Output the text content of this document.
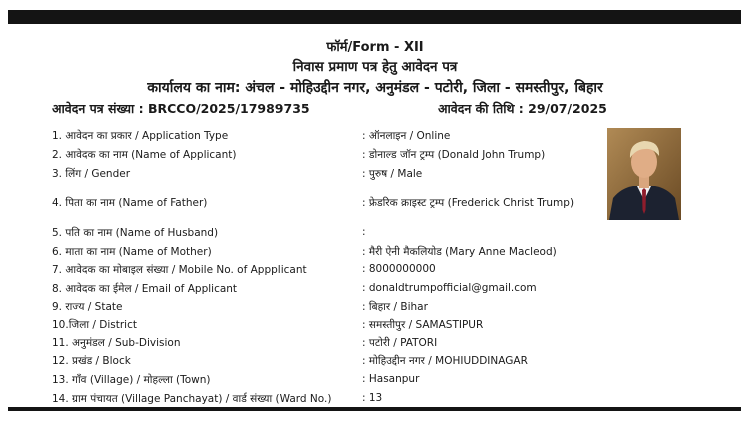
फॉर्म/Form - XII
निवास प्रमाण पत्र हेतु आवेदन पत्र
कार्यालय का नाम: अंचल - मोहिउद्दीन नगर, अनुमंडल - पटोरी, जिला - समस्तीपुर, बिहार
आवेदन पत्र संख्या : BRCCO/2025/17989735	आवेदन की तिथि : 29/07/2025
1. आवेदन का प्रकार / Application Type	: ऑनलाइन / Online
2. आवेदक का नाम (Name of Applicant)	: डोनाल्ड जॉन ट्रम्प (Donald John Trump)
3. लिंग / Gender	: पुरुष / Male
4. पिता का नाम (Name of Father)	: फ्रेडरिक क्राइस्ट ट्रम्प (Frederick Christ Trump)
5. पति का नाम (Name of Husband)	:
6. माता का नाम (Name of Mother)	: मैरी ऐनी मैकलियोड (Mary Anne Macleod)
7. आवेदक का मोबाइल संख्या / Mobile No. of Appplicant	: 8000000000
8. आवेदक का ईमेल / Email of Applicant	: donaldtrumpofficial@gmail.com
9. राज्य / State	: बिहार / Bihar
10.जिला / District	: समस्तीपुर / SAMASTIPUR
11. अनुमंडल / Sub-Division	: पटोरी / PATORI
12. प्रखंड / Block	: मोहिउद्दीन नगर / MOHIUDDINAGAR
13. गाँव (Village) / मोहल्ला (Town)	: Hasanpur
14. ग्राम पंचायत (Village Panchayat) / वार्ड संख्या (Ward No.)	: 13
